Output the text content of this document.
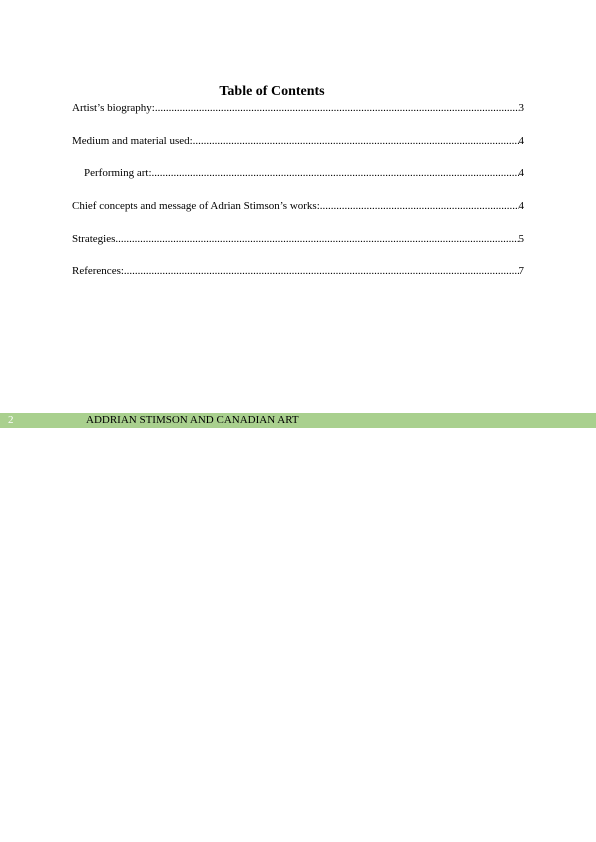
Table of Contents
Artist’s biography: .....	3
Medium and material used: .....	4
Performing art: .....	4
Chief concepts and message of Adrian Stimson’s works: .....	4
Strategies .....	5
References: .....	7
2	ADDRIAN STIMSON AND CANADIAN ART
